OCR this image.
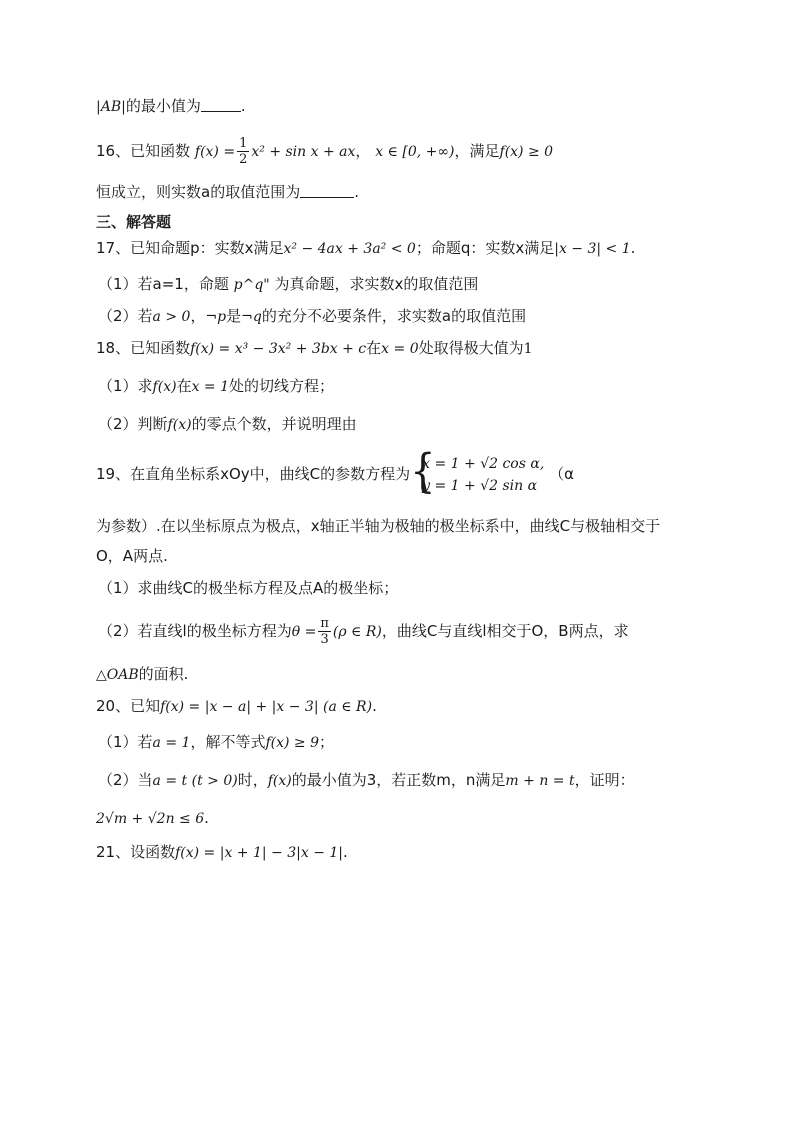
|AB|的最小值为	.
16、已知函数 $f(x) = \frac{1}{2} x^2 + \sin x$ + ax， x ∈ [0, +∞)，满足f(x) ≥ 0
恒成立，则实数a的取值范围为	.
三、解答题
17、已知命题p：实数x满足x² − 4ax + 3a² < 0；命题q：实数x满足|x − 3| < 1.
（1）若a=1，命题 p^q" 为真命题，求实数x的取值范围
（2）若a > 0，¬p是¬q的充分不必要条件，求实数a的取值范围
18、已知函数f(x) = x³ − 3x² + 3bx + c在x = 0处取得极大值为1
（1）求f(x)在x = 1处的切线方程；
（2）判断f(x)的零点个数，并说明理由
19、在直角坐标系xOy中，曲线C的参数方程为 {
x = 1 + √2 cos α,
y = 1 + √2 sin α
（α
为参数）.在以坐标原点为极点，x轴正半轴为极轴的极坐标系中，曲线C与极轴相交于
O，A两点.
（1）求曲线C的极坐标方程及点A的极坐标；
（2）若直线l的极坐标方程为$\theta = \frac{\pi}{3} (\rho$ ∈ R)，曲线C与直线l相交于O，B两点，求
△OAB的面积.
20、已知f(x) = |x − a| + |x − 3| (a ∈ R).
（1）若a = 1，解不等式f(x) ≥ 9；
（2）当a = t (t > 0)时，f(x)的最小值为3，若正数m，n满足m + n = t，证明：
2√m + √2n ≤ 6.
21、设函数f(x) = |x + 1| − 3|x − 1|.
